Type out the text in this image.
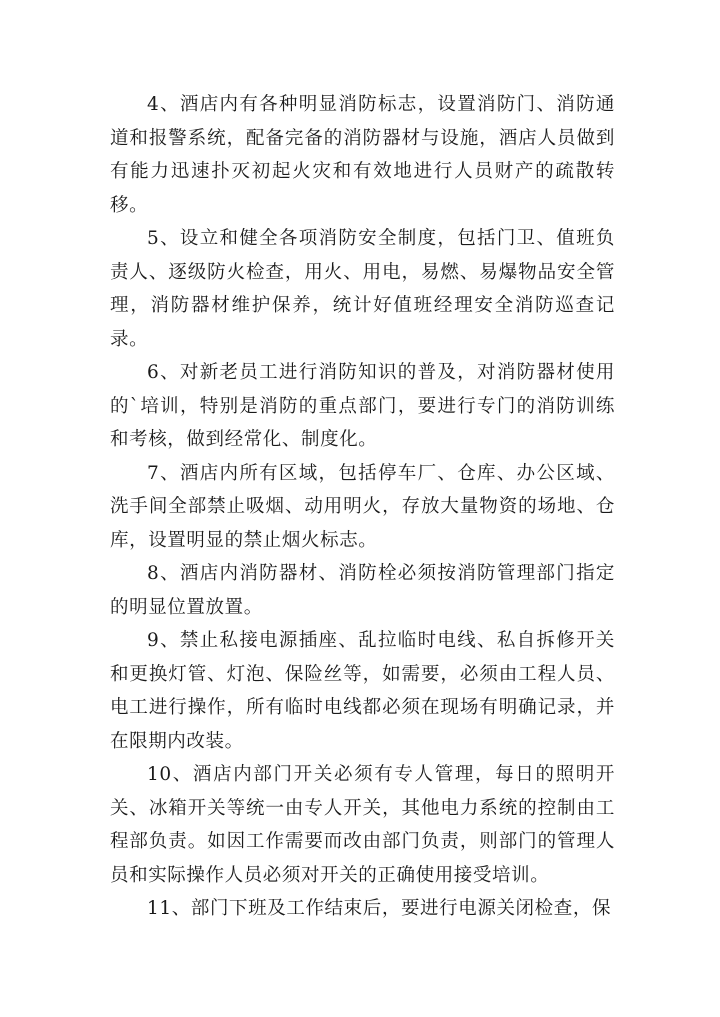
4、酒店内有各种明显消防标志，设置消防门、消防通道和报警系统，配备完备的消防器材与设施，酒店人员做到有能力迅速扑灭初起火灾和有效地进行人员财产的疏散转移。

5、设立和健全各项消防安全制度，包括门卫、值班负责人、逐级防火检查，用火、用电，易燃、易爆物品安全管理，消防器材维护保养，统计好值班经理安全消防巡查记录。

6、对新老员工进行消防知识的普及，对消防器材使用的`培训，特别是消防的重点部门，要进行专门的消防训练和考核，做到经常化、制度化。

7、酒店内所有区域，包括停车厂、仓库、办公区域、洗手间全部禁止吸烟、动用明火，存放大量物资的场地、仓库，设置明显的禁止烟火标志。

8、酒店内消防器材、消防栓必须按消防管理部门指定的明显位置放置。

9、禁止私接电源插座、乱拉临时电线、私自拆修开关和更换灯管、灯泡、保险丝等，如需要，必须由工程人员、电工进行操作，所有临时电线都必须在现场有明确记录，并在限期内改装。

10、酒店内部门开关必须有专人管理，每日的照明开关、冰箱开关等统一由专人开关，其他电力系统的控制由工程部负责。如因工作需要而改由部门负责，则部门的管理人员和实际操作人员必须对开关的正确使用接受培训。

11、部门下班及工作结束后，要进行电源关闭检查，保
